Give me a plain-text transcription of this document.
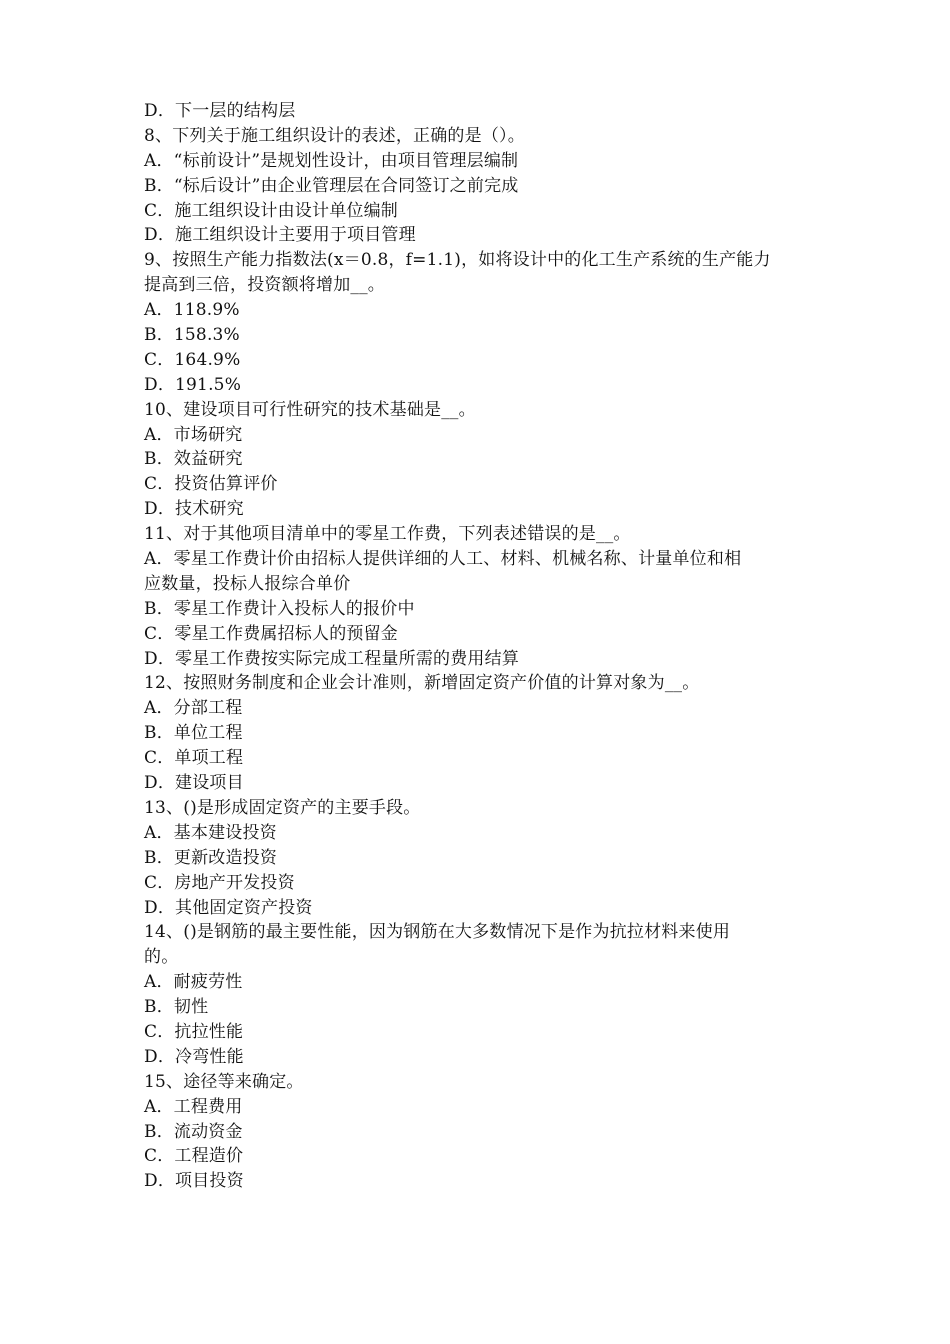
D．下一层的结构层
8、下列关于施工组织设计的表述，正确的是（）。
A．“标前设计”是规划性设计，由项目管理层编制
B．“标后设计”由企业管理层在合同签订之前完成
C．施工组织设计由设计单位编制
D．施工组织设计主要用于项目管理
9、按照生产能力指数法(x＝0.8，f=1.1)，如将设计中的化工生产系统的生产能力
提高到三倍，投资额将增加__。
A．118.9%
B．158.3%
C．164.9%
D．191.5%
10、建设项目可行性研究的技术基础是__。
A．市场研究
B．效益研究
C．投资估算评价
D．技术研究
11、对于其他项目清单中的零星工作费，下列表述错误的是__。
A．零星工作费计价由招标人提供详细的人工、材料、机械名称、计量单位和相
应数量，投标人报综合单价
B．零星工作费计入投标人的报价中
C．零星工作费属招标人的预留金
D．零星工作费按实际完成工程量所需的费用结算
12、按照财务制度和企业会计准则，新增固定资产价值的计算对象为__。
A．分部工程
B．单位工程
C．单项工程
D．建设项目
13、()是形成固定资产的主要手段。
A．基本建设投资
B．更新改造投资
C．房地产开发投资
D．其他固定资产投资
14、()是钢筋的最主要性能，因为钢筋在大多数情况下是作为抗拉材料来使用
的。
A．耐疲劳性
B．韧性
C．抗拉性能
D．冷弯性能
15、途径等来确定。
A．工程费用
B．流动资金
C．工程造价
D．项目投资
